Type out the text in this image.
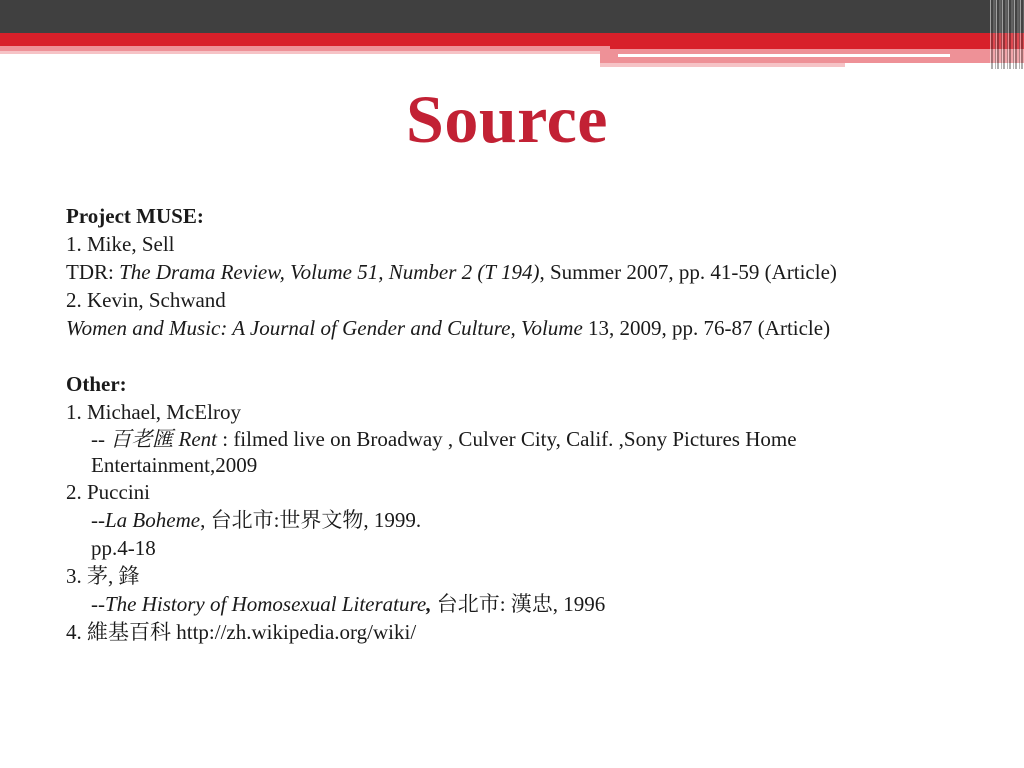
Source
Project MUSE:
1. Mike, Sell
TDR: The Drama Review, Volume 51, Number 2 (T 194), Summer 2007, pp. 41-59 (Article)
2. Kevin, Schwand
Women and Music: A Journal of Gender and Culture, Volume 13, 2009, pp. 76-87 (Article)
Other:
1. Michael, McElroy
-- 百老匯 Rent : filmed live on Broadway , Culver City, Calif. ,Sony Pictures Home
Entertainment,2009
2. Puccini
--La Boheme, 台北市:世界文物, 1999.
pp.4-18
3. 茅, 鋒
--The History of Homosexual Literature, 台北市: 漢忠, 1996
4. 維基百科 http://zh.wikipedia.org/wiki/
